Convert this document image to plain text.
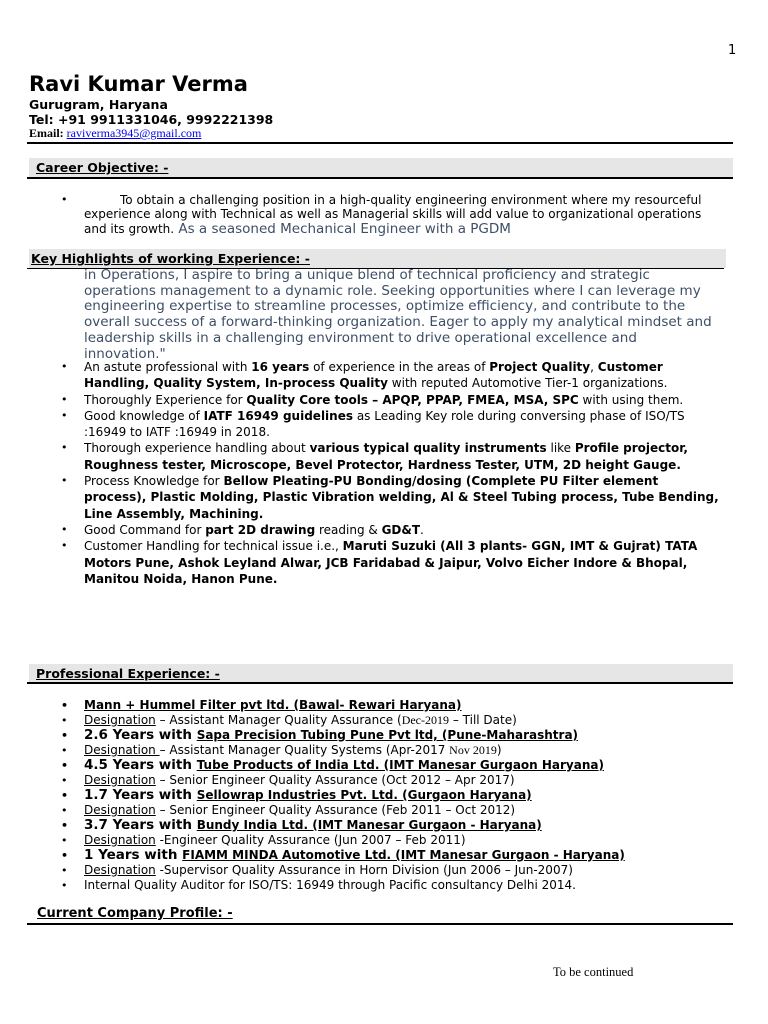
1
Ravi Kumar Verma
Gurugram, Haryana
Tel: +91 9911331046, 9992221398
Email: raviverma3945@gmail.com
Career Objective: -
• To obtain a challenging position in a high-quality engineering environment where my resourceful experience along with Technical as well as Managerial skills will add value to organizational operations and its growth. As a seasoned Mechanical Engineer with a PGDM
Key Highlights of working Experience: -
in Operations, I aspire to bring a unique blend of technical proficiency and strategic operations management to a dynamic role. Seeking opportunities where I can leverage my engineering expertise to streamline processes, optimize efficiency, and contribute to the overall success of a forward-thinking organization. Eager to apply my analytical mindset and leadership skills in a challenging environment to drive operational excellence and innovation."
• An astute professional with 16 years of experience in the areas of Project Quality, Customer Handling, Quality System, In-process Quality with reputed Automotive Tier-1 organizations.
• Thoroughly Experience for Quality Core tools – APQP, PPAP, FMEA, MSA, SPC with using them.
• Good knowledge of IATF 16949 guidelines as Leading Key role during conversing phase of ISO/TS :16949 to IATF :16949 in 2018.
• Thorough experience handling about various typical quality instruments like Profile projector, Roughness tester, Microscope, Bevel Protector, Hardness Tester, UTM, 2D height Gauge.
• Process Knowledge for Bellow Pleating-PU Bonding/dosing (Complete PU Filter element process), Plastic Molding, Plastic Vibration welding, Al & Steel Tubing process, Tube Bending, Line Assembly, Machining.
• Good Command for part 2D drawing reading & GD&T.
• Customer Handling for technical issue i.e., Maruti Suzuki (All 3 plants- GGN, IMT & Gujrat) TATA Motors Pune, Ashok Leyland Alwar, JCB Faridabad & Jaipur, Volvo Eicher Indore & Bhopal, Manitou Noida, Hanon Pune.
Professional Experience: -
• Mann + Hummel Filter pvt ltd. (Bawal- Rewari Haryana)
• Designation – Assistant Manager Quality Assurance (Dec-2019 – Till Date)
• 2.6 Years with Sapa Precision Tubing Pune Pvt ltd, (Pune-Maharashtra)
• Designation – Assistant Manager Quality Systems (Apr-2017 Nov 2019)
• 4.5 Years with Tube Products of India Ltd. (IMT Manesar Gurgaon Haryana)
• Designation – Senior Engineer Quality Assurance (Oct 2012 – Apr 2017)
• 1.7 Years with Sellowrap Industries Pvt. Ltd. (Gurgaon Haryana)
• Designation – Senior Engineer Quality Assurance (Feb 2011 – Oct 2012)
• 3.7 Years with Bundy India Ltd. (IMT Manesar Gurgaon - Haryana)
• Designation -Engineer Quality Assurance (Jun 2007 – Feb 2011)
• 1 Years with FIAMM MINDA Automotive Ltd. (IMT Manesar Gurgaon - Haryana)
• Designation -Supervisor Quality Assurance in Horn Division (Jun 2006 – Jun-2007)
• Internal Quality Auditor for ISO/TS: 16949 through Pacific consultancy Delhi 2014.
Current Company Profile: -
To be continued
